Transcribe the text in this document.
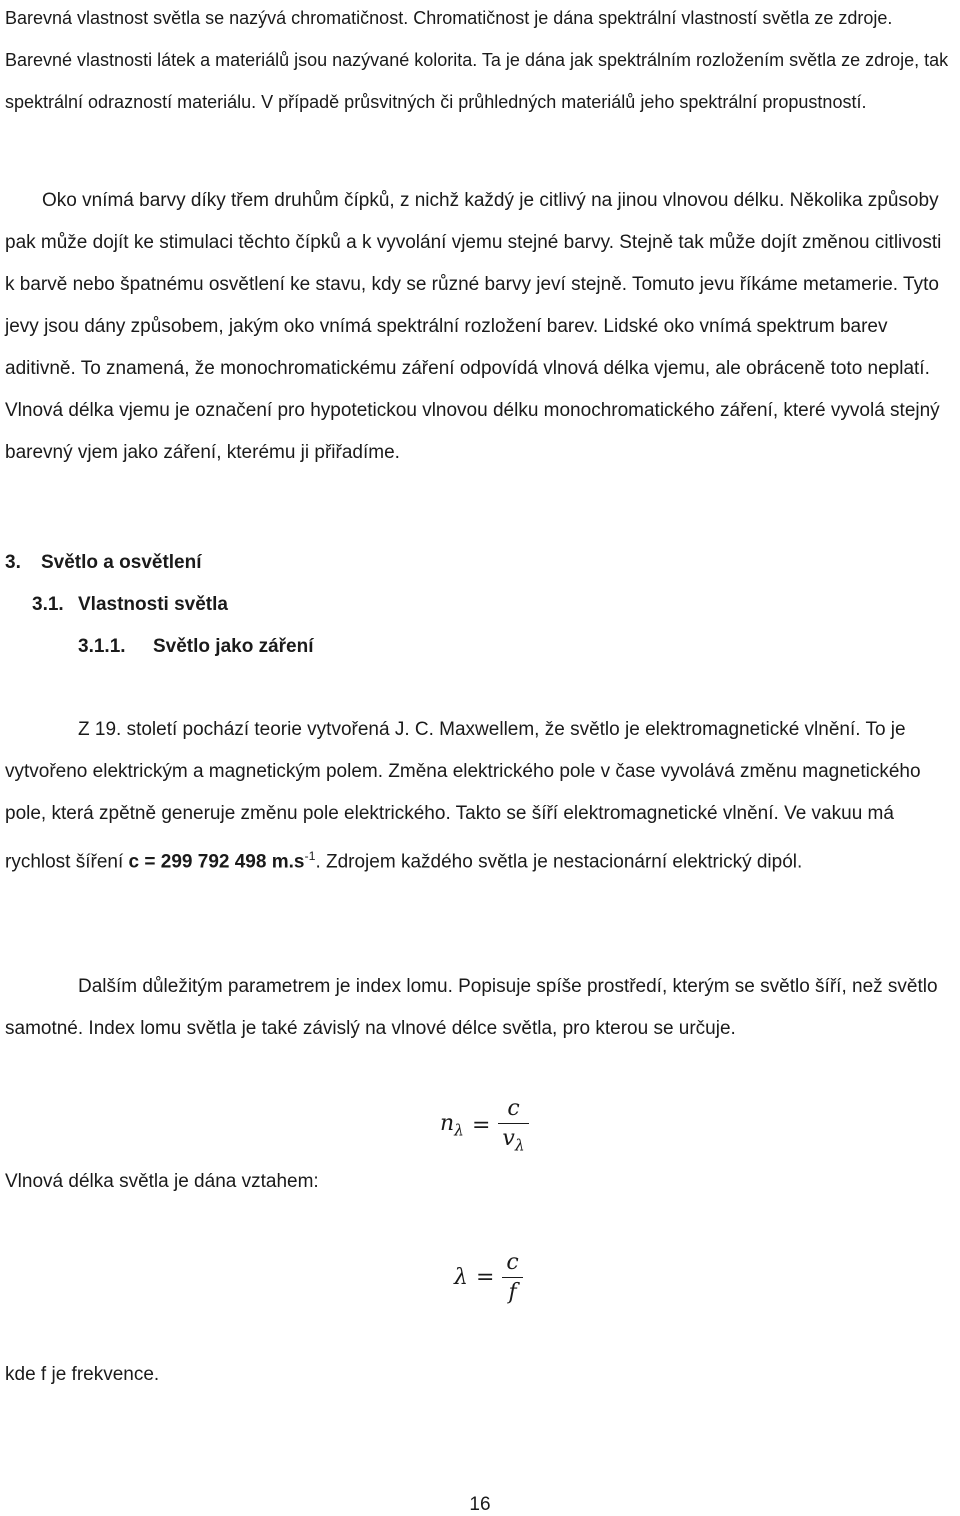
Barevná vlastnost světla se nazývá chromatičnost. Chromatičnost je dána spektrální vlastností světla ze zdroje. Barevné vlastnosti látek a materiálů jsou nazývané kolorita. Ta je dána jak spektrálním rozložením světla ze zdroje, tak spektrální odrazností materiálu. V případě průsvitných či průhledných materiálů jeho spektrální propustností.

Oko vnímá barvy díky třem druhům čípků, z nichž každý je citlivý na jinou vlnovou délku. Několika způsoby pak může dojít ke stimulaci těchto čípků a k vyvolání vjemu stejné barvy. Stejně tak může dojít změnou citlivosti k barvě nebo špatnému osvětlení ke stavu, kdy se různé barvy jeví stejně. Tomuto jevu říkáme metamerie. Tyto jevy jsou dány způsobem, jakým oko vnímá spektrální rozložení barev. Lidské oko vnímá spektrum barev aditivně. To znamená, že monochromatickému záření odpovídá vlnová délka vjemu, ale obráceně toto neplatí. Vlnová délka vjemu je označení pro hypotetickou vlnovou délku monochromatického záření, které vyvolá stejný barevný vjem jako záření, kterému ji přiřadíme.

3. Světlo a osvětlení
3.1. Vlastnosti světla
3.1.1. Světlo jako záření

Z 19. století pochází teorie vytvořená J. C. Maxwellem, že světlo je elektromagnetické vlnění. To je vytvořeno elektrickým a magnetickým polem. Změna elektrického pole v čase vyvolává změnu magnetického pole, která zpětně generuje změnu pole elektrického. Takto se šíří elektromagnetické vlnění. Ve vakuu má rychlost šíření c = 299 792 498 $m.s^{-1}$. Zdrojem každého světla je nestacionární elektrický dipól.

Dalším důležitým parametrem je index lomu. Popisuje spíše prostředí, kterým se světlo šíří, než světlo samotné. Index lomu světla je také závislý na vlnové délce světla, pro kterou se určuje.

$n_\lambda = \frac{c}{v_\lambda}$

Vlnová délka světla je dána vztahem:

$\lambda = \frac{c}{f}$

kde f je frekvence.

16
